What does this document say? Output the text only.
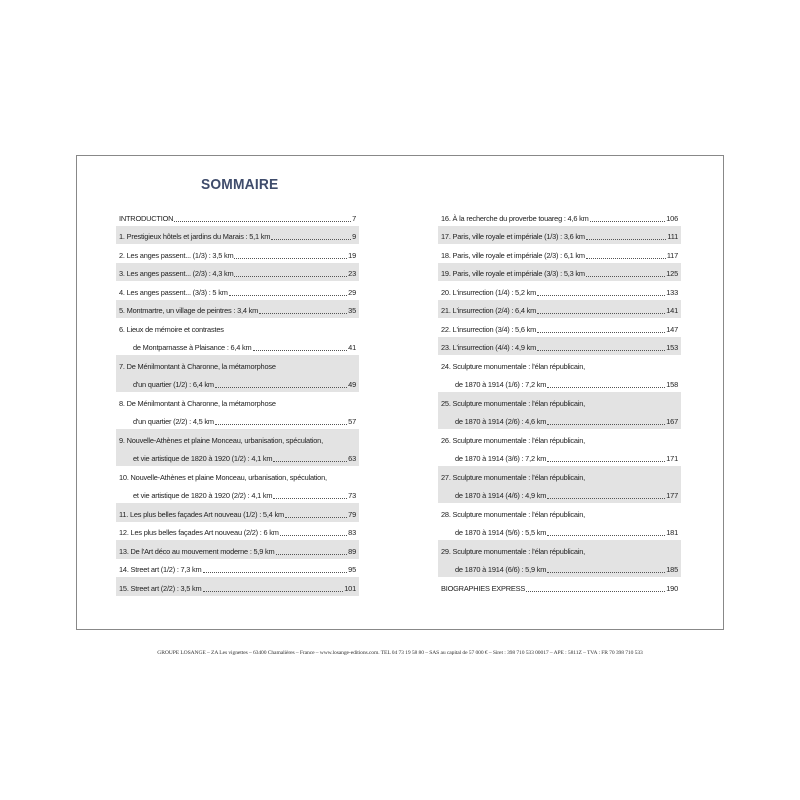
SOMMAIRE
INTRODUCTION	7
1. Prestigieux hôtels et jardins du Marais : 5,1 km	9
2. Les anges passent... (1/3) : 3,5 km	19
3. Les anges passent... (2/3) : 4,3 km	23
4. Les anges passent... (3/3) : 5 km	29
5. Montmartre, un village de peintres : 3,4 km	35
6. Lieux de mémoire et contrastes
de Montparnasse à Plaisance : 6,4 km	41
7. De Ménilmontant à Charonne, la métamorphose
d'un quartier (1/2) : 6,4 km	49
8. De Ménilmontant à Charonne, la métamorphose
d'un quartier (2/2) : 4,5 km	57
9. Nouvelle-Athènes et plaine Monceau, urbanisation, spéculation,
et vie artistique de 1820 à 1920 (1/2) : 4,1 km	63
10. Nouvelle-Athènes et plaine Monceau, urbanisation, spéculation,
et vie artistique de 1820 à 1920 (2/2) : 4,1 km	73
11. Les plus belles façades Art nouveau (1/2) : 5,4 km	79
12. Les plus belles façades Art nouveau (2/2) : 6 km	83
13. De l'Art déco au mouvement moderne : 5,9 km	89
14. Street art (1/2) : 7,3 km	95
15. Street art (2/2) : 3,5 km	101
16. À la recherche du proverbe touareg : 4,6 km	106
17. Paris, ville royale et impériale (1/3) : 3,6 km	111
18. Paris, ville royale et impériale (2/3) : 6,1 km	117
19. Paris, ville royale et impériale (3/3) : 5,3 km	125
20. L'insurrection (1/4) : 5,2 km	133
21. L'insurrection (2/4) : 6,4 km	141
22. L'insurrection (3/4) : 5,6 km	147
23. L'insurrection (4/4) : 4,9 km	153
24. Sculpture monumentale : l'élan républicain,
de 1870 à 1914 (1/6) : 7,2 km	158
25. Sculpture monumentale : l'élan républicain,
de 1870 à 1914 (2/6) : 4,6 km	167
26. Sculpture monumentale : l'élan républicain,
de 1870 à 1914 (3/6) : 7,2 km	171
27. Sculpture monumentale : l'élan républicain,
de 1870 à 1914 (4/6) : 4,9 km	177
28. Sculpture monumentale : l'élan républicain,
de 1870 à 1914 (5/6) : 5,5 km	181
29. Sculpture monumentale : l'élan républicain,
de 1870 à 1914 (6/6) : 5,9 km	185
BIOGRAPHIES EXPRESS	190
GROUPE LOSANGE – ZA Les vignettes – 63400 Chamalières – France – www.losange-editions.com. TEL 04 73 19 58 80 – SAS au capital de 57 000 € – Siret : 398 710 533 00017 – APE : 5811Z – TVA : FR 70 398 710 533
